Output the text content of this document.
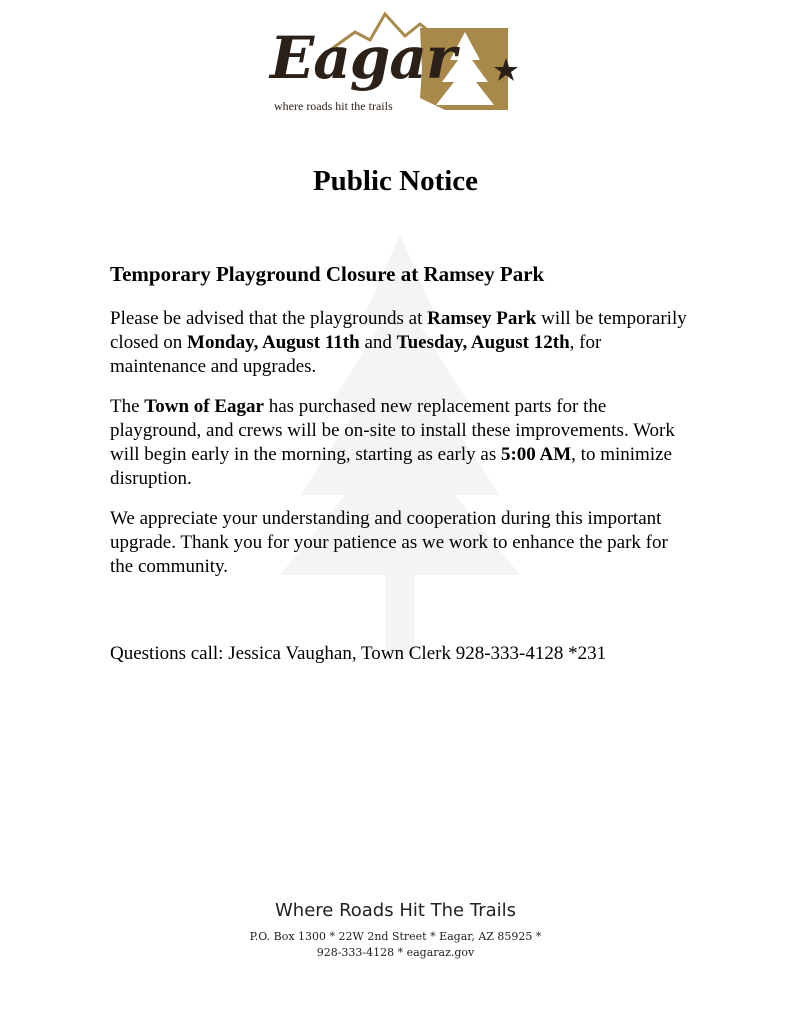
Eagar
where roads hit the trails
Public Notice
Temporary Playground Closure at Ramsey Park

Please be advised that the playgrounds at Ramsey Park will be temporarily closed on Monday, August 11th and Tuesday, August 12th, for maintenance and upgrades.

The Town of Eagar has purchased new replacement parts for the playground, and crews will be on-site to install these improvements. Work will begin early in the morning, starting as early as 5:00 AM, to minimize disruption.

We appreciate your understanding and cooperation during this important upgrade. Thank you for your patience as we work to enhance the park for the community.

Questions call: Jessica Vaughan, Town Clerk 928-333-4128 *231
Where Roads Hit The Trails
P.O. Box 1300 * 22W 2nd Street * Eagar, AZ 85925 *
928-333-4128 * eagaraz.gov
